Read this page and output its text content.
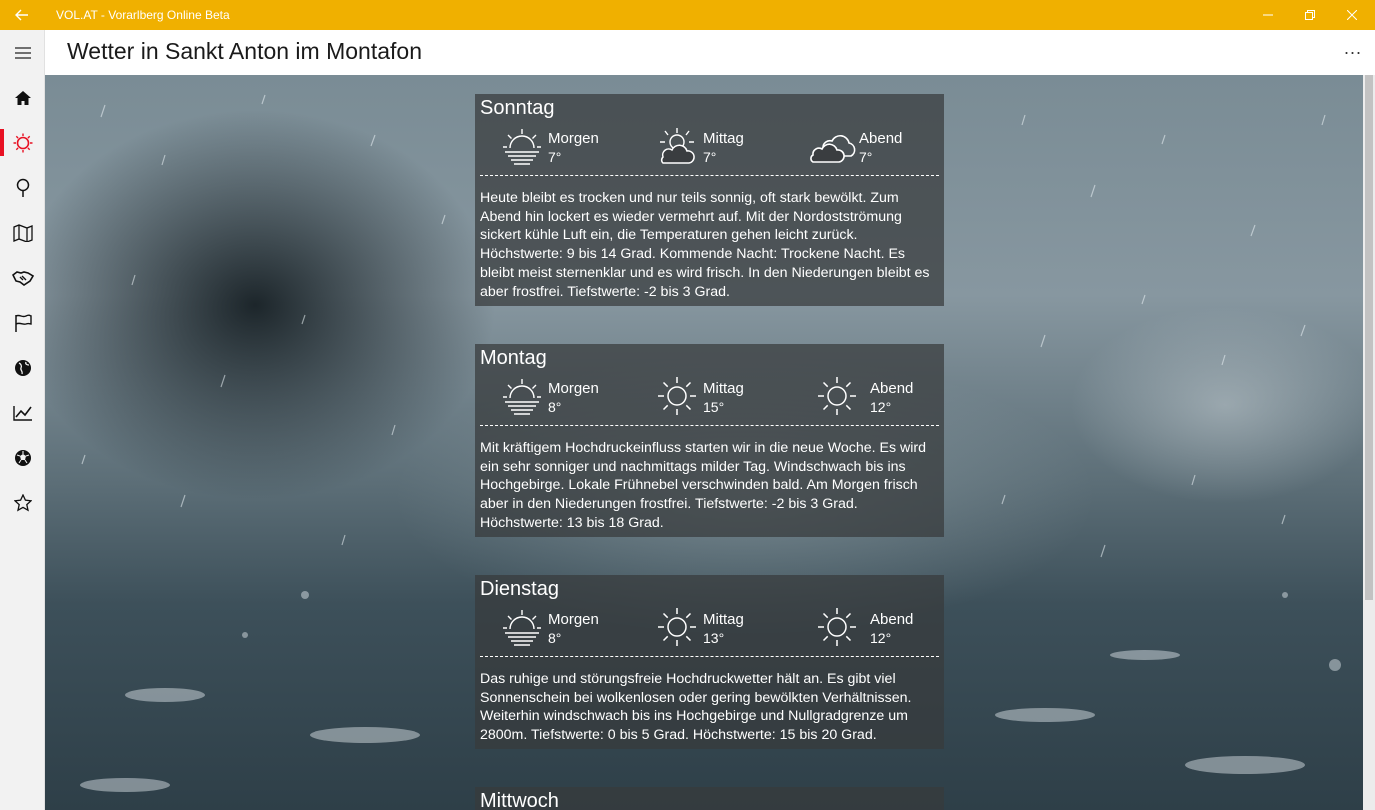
VOL.AT - Vorarlberg Online Beta
Wetter in Sankt Anton im Montafon	...
Sonntag
Morgen
7°
Mittag
7°
Abend
7°
Heute bleibt es trocken und nur teils sonnig, oft stark bewölkt. Zum Abend hin lockert es wieder vermehrt auf. Mit der Nordostströmung sickert kühle Luft ein, die Temperaturen gehen leicht zurück. Höchstwerte: 9 bis 14 Grad. Kommende Nacht: Trockene Nacht. Es bleibt meist sternenklar und es wird frisch. In den Niederungen bleibt es aber frostfrei. Tiefstwerte: -2 bis 3 Grad.
Montag
Morgen
8°
Mittag
15°
Abend
12°
Mit kräftigem Hochdruckeinfluss starten wir in die neue Woche. Es wird ein sehr sonniger und nachmittags milder Tag. Windschwach bis ins Hochgebirge. Lokale Frühnebel verschwinden bald. Am Morgen frisch aber in den Niederungen frostfrei. Tiefstwerte: -2 bis 3 Grad. Höchstwerte: 13 bis 18 Grad.
Dienstag
Morgen
8°
Mittag
13°
Abend
12°
Das ruhige und störungsfreie Hochdruckwetter hält an. Es gibt viel Sonnenschein bei wolkenlosen oder gering bewölkten Verhältnissen. Weiterhin windschwach bis ins Hochgebirge und Nullgradgrenze um 2800m. Tiefstwerte: 0 bis 5 Grad. Höchstwerte: 15 bis 20 Grad.
Mittwoch
